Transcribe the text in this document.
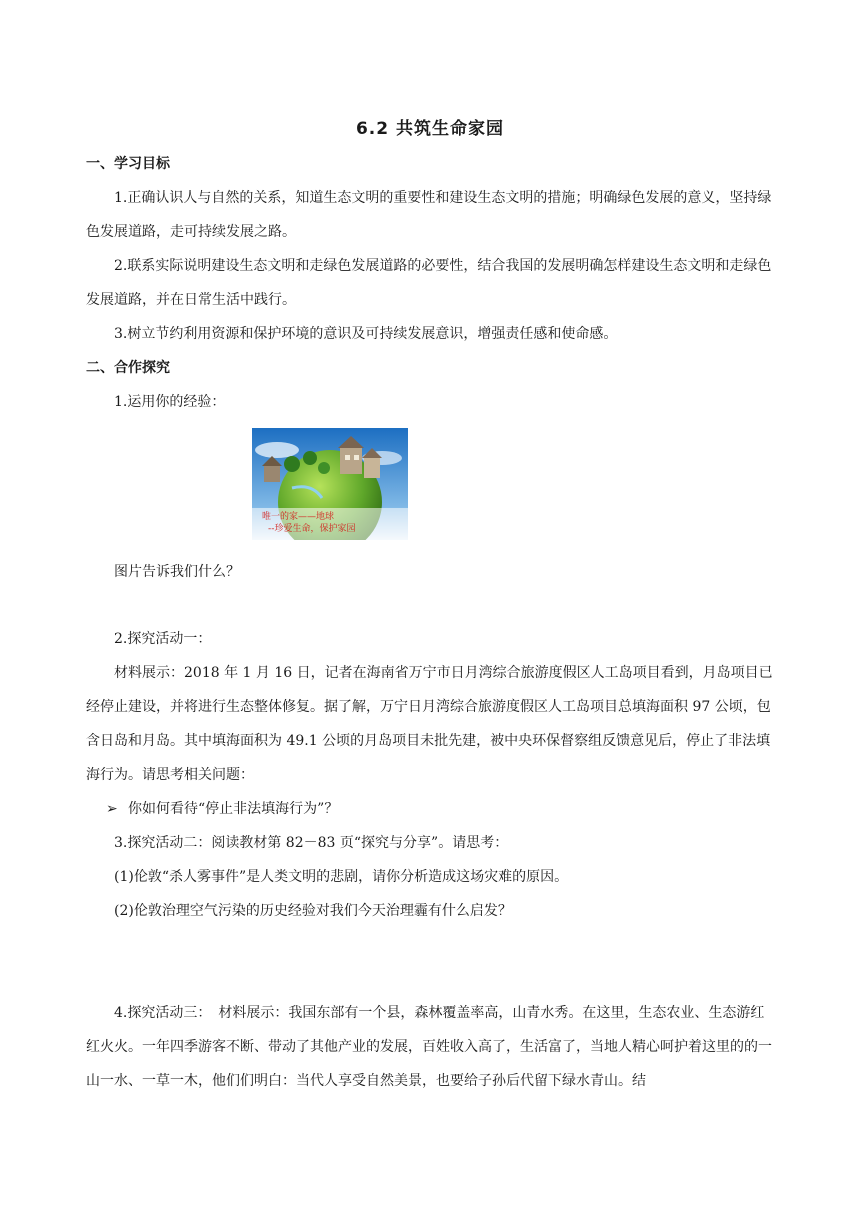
6.2 共筑生命家园
一、学习目标
1.正确认识人与自然的关系，知道生态文明的重要性和建设生态文明的措施；明确绿色发展的意义，坚持绿色发展道路，走可持续发展之路。
2.联系实际说明建设生态文明和走绿色发展道路的必要性，结合我国的发展明确怎样建设生态文明和走绿色发展道路，并在日常生活中践行。
3.树立节约利用资源和保护环境的意识及可持续发展意识，增强责任感和使命感。
二、合作探究
1.运用你的经验：
唯一的家——地球
--珍爱生命，保护家园
图片告诉我们什么？
2.探究活动一：
材料展示：2018 年 1 月 16 日，记者在海南省万宁市日月湾综合旅游度假区人工岛项目看到，月岛项目已经停止建设，并将进行生态整体修复。据了解，万宁日月湾综合旅游度假区人工岛项目总填海面积 97 公顷，包含日岛和月岛。其中填海面积为 49.1 公顷的月岛项目未批先建，被中央环保督察组反馈意见后，停止了非法填海行为。请思考相关问题：
➢ 你如何看待“停止非法填海行为”？
3.探究活动二：阅读教材第 82－83 页“探究与分享”。请思考：
(1)伦敦“杀人雾事件”是人类文明的悲剧，请你分析造成这场灾难的原因。
(2)伦敦治理空气污染的历史经验对我们今天治理霾有什么启发？
4.探究活动三：　材料展示：我国东部有一个县，森林覆盖率高，山青水秀。在这里，生态农业、生态游红红火火。一年四季游客不断、带动了其他产业的发展，百姓收入高了，生活富了，当地人精心呵护着这里的的一山一水、一草一木，他们们明白：当代人享受自然美景，也要给子孙后代留下绿水青山。结
